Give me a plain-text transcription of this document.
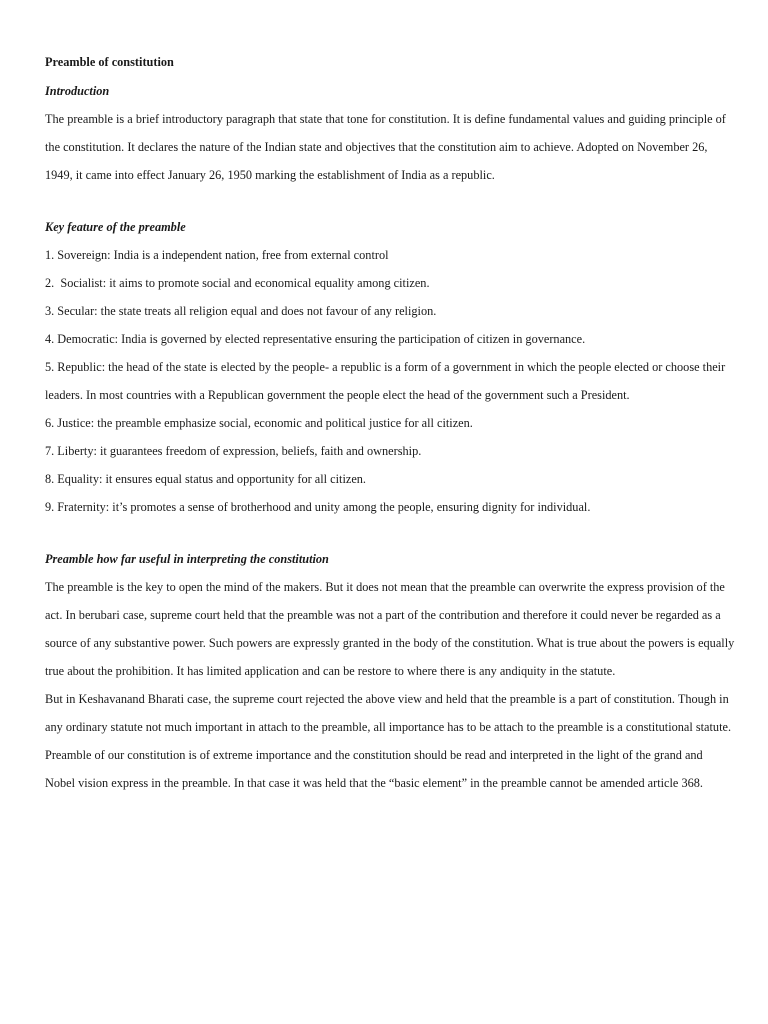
Preamble of constitution
Introduction

The preamble is a brief introductory paragraph that state that tone for constitution. It is define fundamental values and guiding principle of the constitution. It declares the nature of the Indian state and objectives that the constitution aim to achieve. Adopted on November 26, 1949, it came into effect January 26, 1950 marking the establishment of India as a republic.

Key feature of the preamble

1. Sovereign: India is a independent nation, free from external control

2.  Socialist: it aims to promote social and economical equality among citizen.

3. Secular: the state treats all religion equal and does not favour of any religion.

4. Democratic: India is governed by elected representative ensuring the participation of citizen in governance.

5. Republic: the head of the state is elected by the people- a republic is a form of a government in which the people elected or choose their leaders. In most countries with a Republican government the people elect the head of the government such a President.

6. Justice: the preamble emphasize social, economic and political justice for all citizen.

7. Liberty: it guarantees freedom of expression, beliefs, faith and ownership.

8. Equality: it ensures equal status and opportunity for all citizen.

9. Fraternity: it’s promotes a sense of brotherhood and unity among the people, ensuring dignity for individual.

Preamble how far useful in interpreting the constitution

The preamble is the key to open the mind of the makers. But it does not mean that the preamble can overwrite the express provision of the act. In berubari case, supreme court held that the preamble was not a part of the contribution and therefore it could never be regarded as a source of any substantive power. Such powers are expressly granted in the body of the constitution. What is true about the powers is equally true about the prohibition. It has limited application and can be restore to where there is any andiquity in the statute.

But in Keshavanand Bharati case, the supreme court rejected the above view and held that the preamble is a part of constitution. Though in any ordinary statute not much important in attach to the preamble, all importance has to be attach to the preamble is a constitutional statute. Preamble of our constitution is of extreme importance and the constitution should be read and interpreted in the light of the grand and Nobel vision express in the preamble. In that case it was held that the “basic element” in the preamble cannot be amended article 368.
